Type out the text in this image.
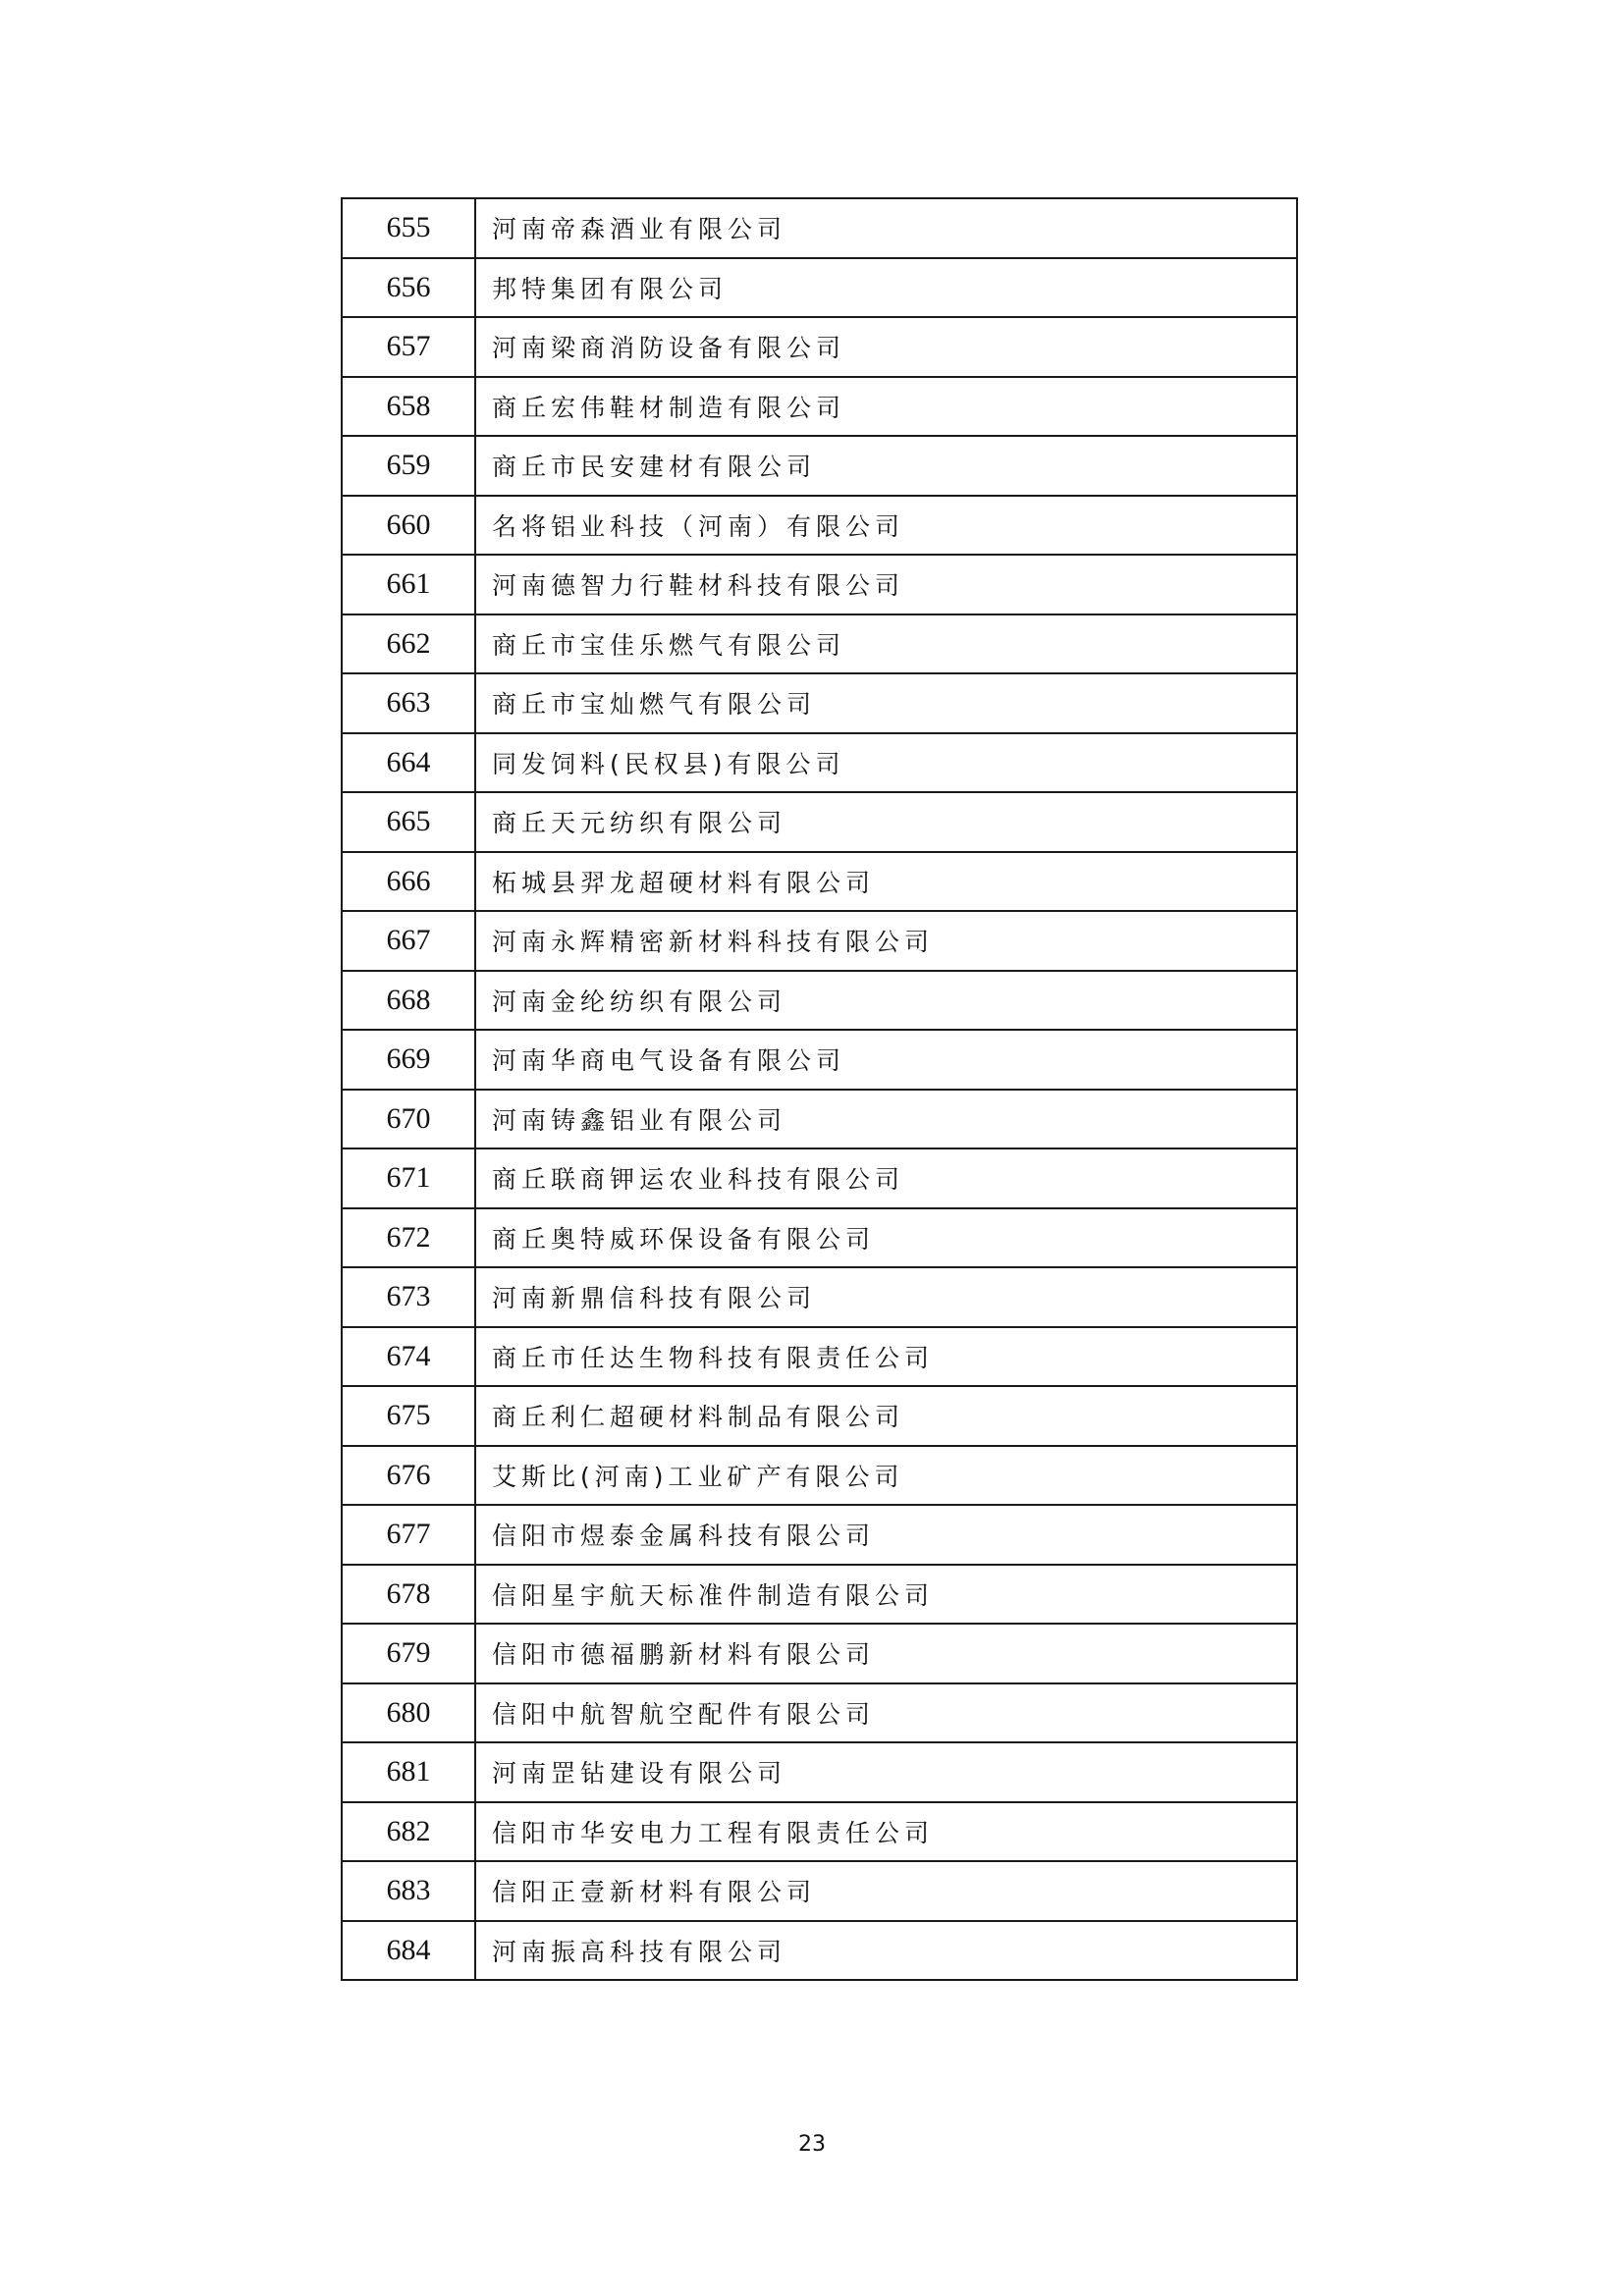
655	河南帝森酒业有限公司
656	邦特集团有限公司
657	河南梁商消防设备有限公司
658	商丘宏伟鞋材制造有限公司
659	商丘市民安建材有限公司
660	名将铝业科技（河南）有限公司
661	河南德智力行鞋材科技有限公司
662	商丘市宝佳乐燃气有限公司
663	商丘市宝灿燃气有限公司
664	同发饲料(民权县)有限公司
665	商丘天元纺织有限公司
666	柘城县羿龙超硬材料有限公司
667	河南永辉精密新材料科技有限公司
668	河南金纶纺织有限公司
669	河南华商电气设备有限公司
670	河南铸鑫铝业有限公司
671	商丘联商钾运农业科技有限公司
672	商丘奥特威环保设备有限公司
673	河南新鼎信科技有限公司
674	商丘市任达生物科技有限责任公司
675	商丘利仁超硬材料制品有限公司
676	艾斯比(河南)工业矿产有限公司
677	信阳市煜泰金属科技有限公司
678	信阳星宇航天标准件制造有限公司
679	信阳市德福鹏新材料有限公司
680	信阳中航智航空配件有限公司
681	河南罡钻建设有限公司
682	信阳市华安电力工程有限责任公司
683	信阳正壹新材料有限公司
684	河南振高科技有限公司
23
